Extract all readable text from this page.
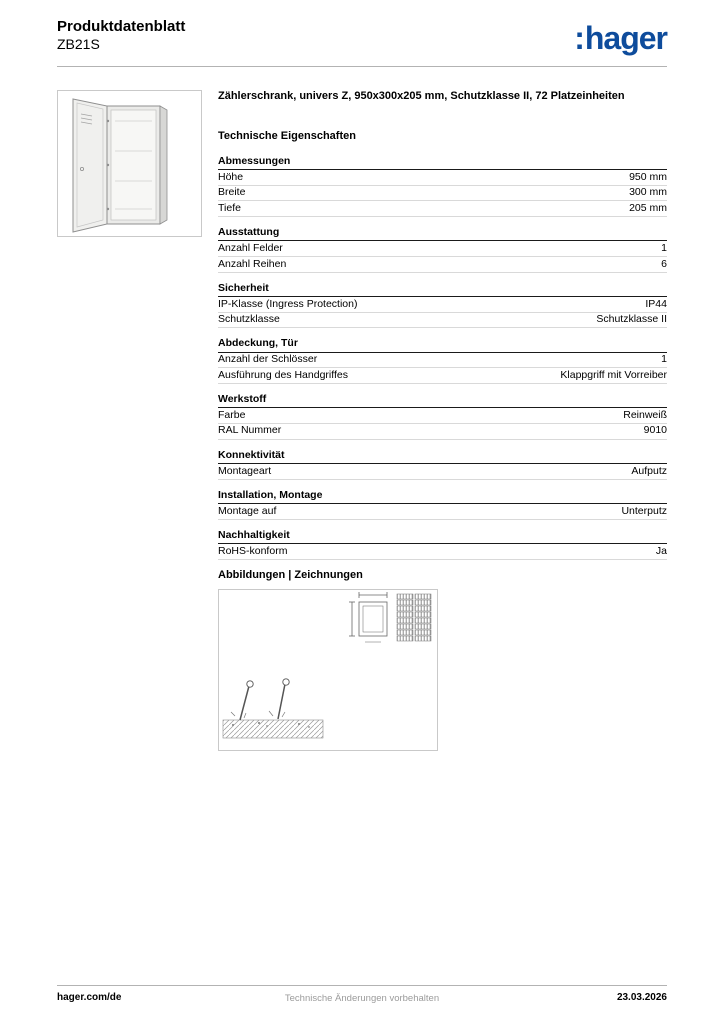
Produktdatenblatt
ZB21S	:hager
Zählerschrank, univers Z, 950x300x205 mm, Schutzklasse II, 72 Platzeinheiten
Technische Eigenschaften
Abmessungen
Höhe	950 mm
Breite	300 mm
Tiefe	205 mm
Ausstattung
Anzahl Felder	1
Anzahl Reihen	6
Sicherheit
IP-Klasse (Ingress Protection)	IP44
Schutzklasse	Schutzklasse II
Abdeckung, Tür
Anzahl der Schlösser	1
Ausführung des Handgriffes	Klappgriff mit Vorreiber
Werkstoff
Farbe	Reinweiß
RAL Nummer	9010
Konnektivität
Montageart	Aufputz
Installation, Montage
Montage auf	Unterputz
Nachhaltigkeit
RoHS-konform	Ja
Abbildungen | Zeichnungen
hager.com/de	Technische Änderungen vorbehalten	23.03.2026
